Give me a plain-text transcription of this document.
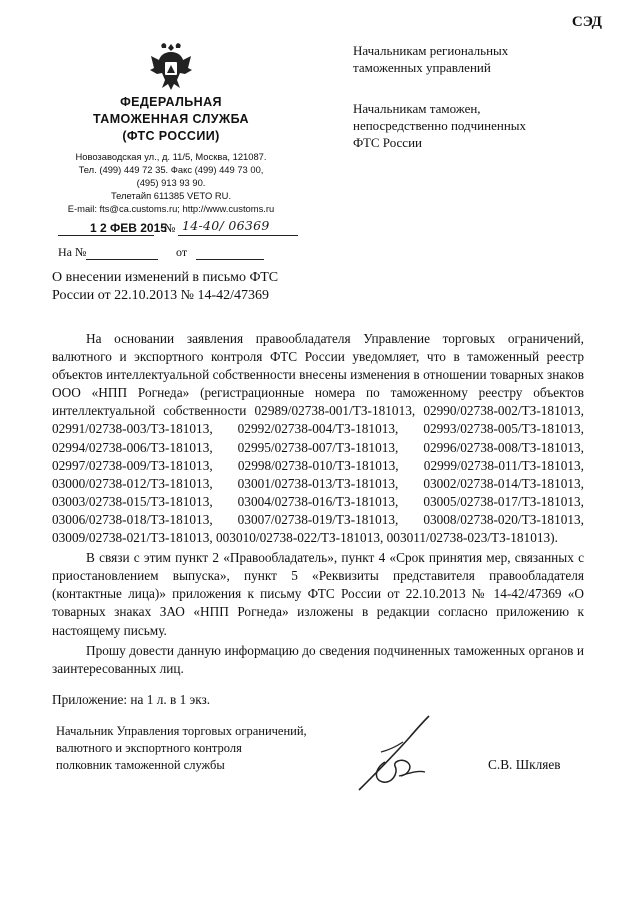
СЭД
ФЕДЕРАЛЬНАЯ
ТАМОЖЕННАЯ СЛУЖБА
(ФТС РОССИИ)
Новозаводская ул., д. 11/5, Москва, 121087.
Тел. (499) 449 72 35. Факс (499) 449 73 00,
(495) 913 93 90.
Телетайп 611385 VETO RU.
E-mail: fts@ca.customs.ru; http://www.customs.ru
1 2 ФЕВ 2015
№ 14-40/ 06369
На №	от
Начальникам региональных
таможенных управлений
Начальникам таможен,
непосредственно подчиненных
ФТС России
О внесении изменений в письмо ФТС
России от 22.10.2013 № 14-42/47369

На основании заявления правообладателя Управление торговых ограничений, валютного и экспортного контроля ФТС России уведомляет, что в таможенный реестр объектов интеллектуальной собственности внесены изменения в отношении товарных знаков ООО «НПП Рогнеда» (регистрационные номера по таможенному реестру объектов интеллектуальной собственности 02989/02738-001/ТЗ-181013, 02990/02738-002/ТЗ-181013, 02991/02738-003/ТЗ-181013, 02992/02738-004/ТЗ-181013, 02993/02738-005/ТЗ-181013, 02994/02738-006/ТЗ-181013, 02995/02738-007/ТЗ-181013, 02996/02738-008/ТЗ-181013, 02997/02738-009/ТЗ-181013, 02998/02738-010/ТЗ-181013, 02999/02738-011/ТЗ-181013, 03000/02738-012/ТЗ-181013, 03001/02738-013/ТЗ-181013, 03002/02738-014/ТЗ-181013, 03003/02738-015/ТЗ-181013, 03004/02738-016/ТЗ-181013, 03005/02738-017/ТЗ-181013, 03006/02738-018/ТЗ-181013, 03007/02738-019/ТЗ-181013, 03008/02738-020/ТЗ-181013, 03009/02738-021/ТЗ-181013, 003010/02738-022/ТЗ-181013, 003011/02738-023/ТЗ-181013).

В связи с этим пункт 2 «Правообладатель», пункт 4 «Срок принятия мер, связанных с приостановлением выпуска», пункт 5 «Реквизиты представителя правообладателя (контактные лица)» приложения к письму ФТС России от 22.10.2013 № 14-42/47369 «О товарных знаках ЗАО «НПП Рогнеда» изложены в редакции согласно приложению к настоящему письму.

Прошу довести данную информацию до сведения подчиненных таможенных органов и заинтересованных лиц.

Приложение: на 1 л. в 1 экз.
Начальник Управления торговых ограничений,
валютного и экспортного контроля
полковник таможенной службы	С.В. Шкляев
